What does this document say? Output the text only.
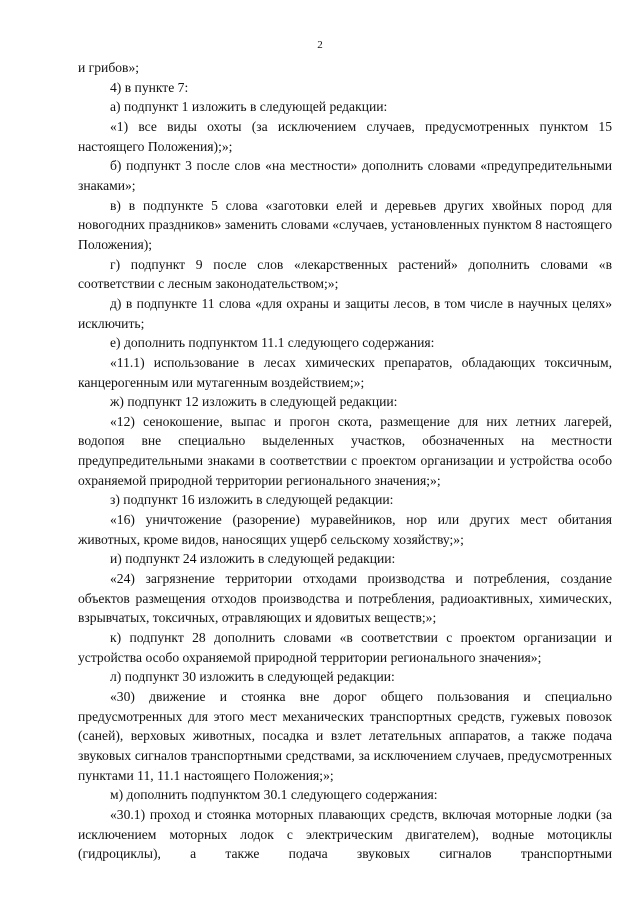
2

и грибов»;

4) в пункте 7:

а) подпункт 1 изложить в следующей редакции:

«1) все виды охоты (за исключением случаев, предусмотренных пунктом 15 настоящего Положения);»;

б) подпункт 3 после слов «на местности» дополнить словами «предупредительными знаками»;

в) в подпункте 5 слова «заготовки елей и деревьев других хвойных пород для новогодних праздников» заменить словами «случаев, установленных пунктом 8 настоящего Положения);

г) подпункт 9 после слов «лекарственных растений» дополнить словами «в соответствии с лесным законодательством;»;

д) в подпункте 11 слова «для охраны и защиты лесов, в том числе в научных целях» исключить;

е) дополнить подпунктом 11.1 следующего содержания:

«11.1) использование в лесах химических препаратов, обладающих токсичным, канцерогенным или мутагенным воздействием;»;

ж) подпункт 12 изложить в следующей редакции:

«12) сенокошение, выпас и прогон скота, размещение для них летних лагерей, водопоя вне специально выделенных участков, обозначенных на местности предупредительными знаками в соответствии с проектом организации и устройства особо охраняемой природной территории регионального значения;»;

з) подпункт 16 изложить в следующей редакции:

«16) уничтожение (разорение) муравейников, нор или других мест обитания животных, кроме видов, наносящих ущерб сельскому хозяйству;»;

и) подпункт 24 изложить в следующей редакции:

«24) загрязнение территории отходами производства и потребления, создание объектов размещения отходов производства и потребления, радиоактивных, химических, взрывчатых, токсичных, отравляющих и ядовитых веществ;»;

к) подпункт 28 дополнить словами «в соответствии с проектом организации и устройства особо охраняемой природной территории регионального значения»;

л) подпункт 30 изложить в следующей редакции:

«30) движение и стоянка вне дорог общего пользования и специально предусмотренных для этого мест механических транспортных средств, гужевых повозок (саней), верховых животных, посадка и взлет летательных аппаратов, а также подача звуковых сигналов транспортными средствами, за исключением случаев, предусмотренных пунктами 11, 11.1 настоящего Положения;»;

м) дополнить подпунктом 30.1 следующего содержания:

«30.1) проход и стоянка моторных плавающих средств, включая моторные лодки (за исключением моторных лодок с электрическим двигателем), водные мотоциклы (гидроциклы), а также подача звуковых сигналов транспортными
